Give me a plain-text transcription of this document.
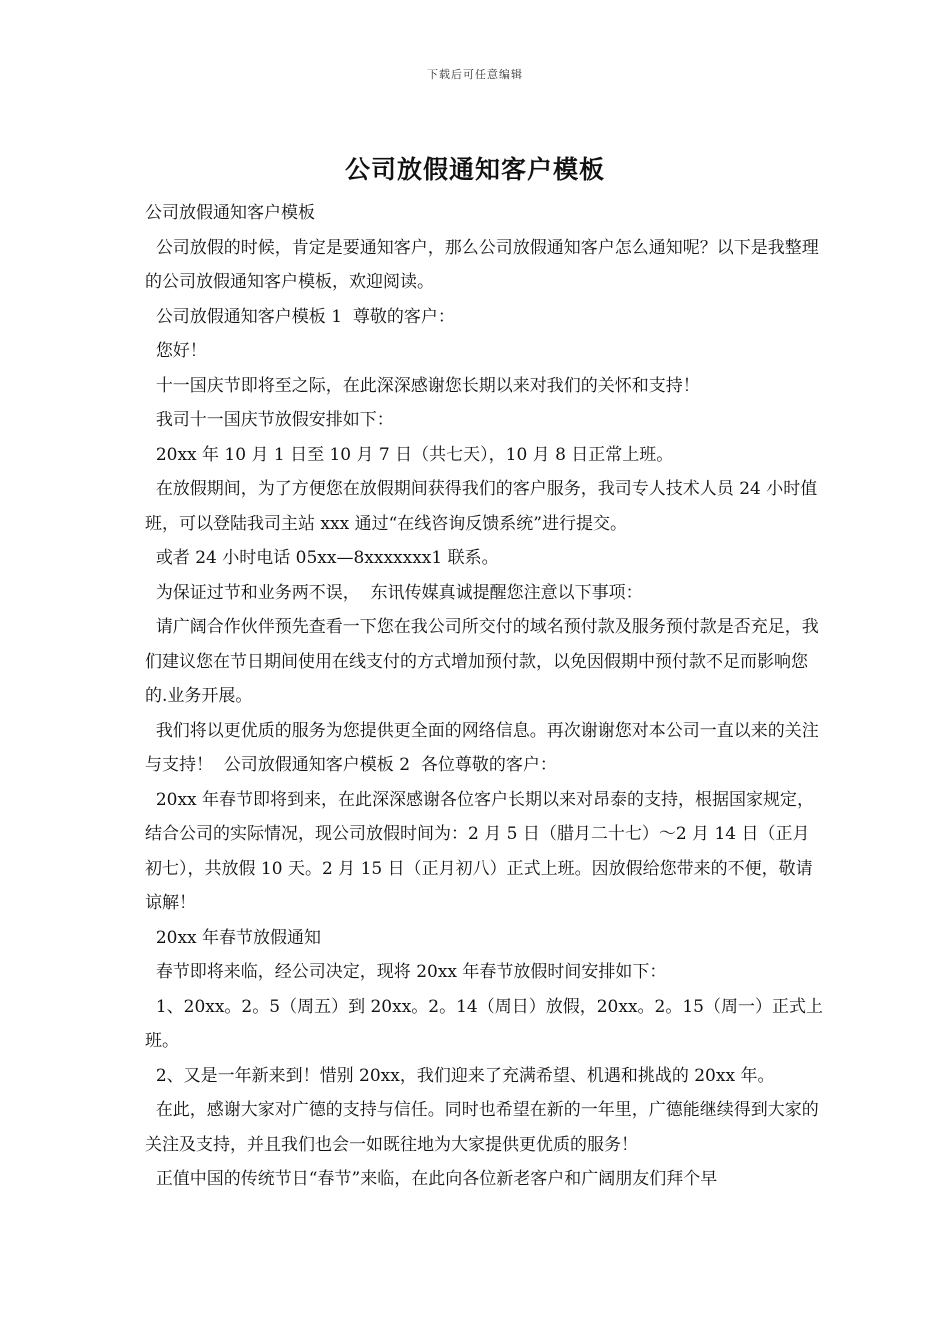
下载后可任意编辑
公司放假通知客户模板

公司放假通知客户模板

公司放假的时候，肯定是要通知客户，那么公司放假通知客户怎么通知呢？以下是我整理的公司放假通知客户模板，欢迎阅读。

公司放假通知客户模板 1  尊敬的客户：

您好！

十一国庆节即将至之际，在此深深感谢您长期以来对我们的关怀和支持！

我司十一国庆节放假安排如下：

20xx 年 10 月 1 日至 10 月 7 日（共七天），10 月 8 日正常上班。

在放假期间，为了方便您在放假期间获得我们的客户服务，我司专人技术人员 24 小时值班，可以登陆我司主站 xxx 通过“在线咨询反馈系统”进行提交。

或者 24 小时电话 05xx—8xxxxxxx1 联系。

为保证过节和业务两不误，  东讯传媒真诚提醒您注意以下事项：

请广阔合作伙伴预先查看一下您在我公司所交付的域名预付款及服务预付款是否充足，我们建议您在节日期间使用在线支付的方式增加预付款，以免因假期中预付款不足而影响您的.业务开展。

我们将以更优质的服务为您提供更全面的网络信息。再次谢谢您对本公司一直以来的关注与支持！  公司放假通知客户模板 2  各位尊敬的客户：

20xx 年春节即将到来，在此深深感谢各位客户长期以来对昂泰的支持，根据国家规定，结合公司的实际情况，现公司放假时间为：2 月 5 日（腊月二十七）～2 月 14 日（正月初七），共放假 10 天。2 月 15 日（正月初八）正式上班。因放假给您带来的不便，敬请谅解！

20xx 年春节放假通知

春节即将来临，经公司决定，现将 20xx 年春节放假时间安排如下：

1、20xx。2。5（周五）到 20xx。2。14（周日）放假，20xx。2。15（周一）正式上班。

2、又是一年新来到！惜别 20xx，我们迎来了充满希望、机遇和挑战的 20xx 年。

在此，感谢大家对广德的支持与信任。同时也希望在新的一年里，广德能继续得到大家的关注及支持，并且我们也会一如既往地为大家提供更优质的服务！

正值中国的传统节日“春节”来临，在此向各位新老客户和广阔朋友们拜个早
